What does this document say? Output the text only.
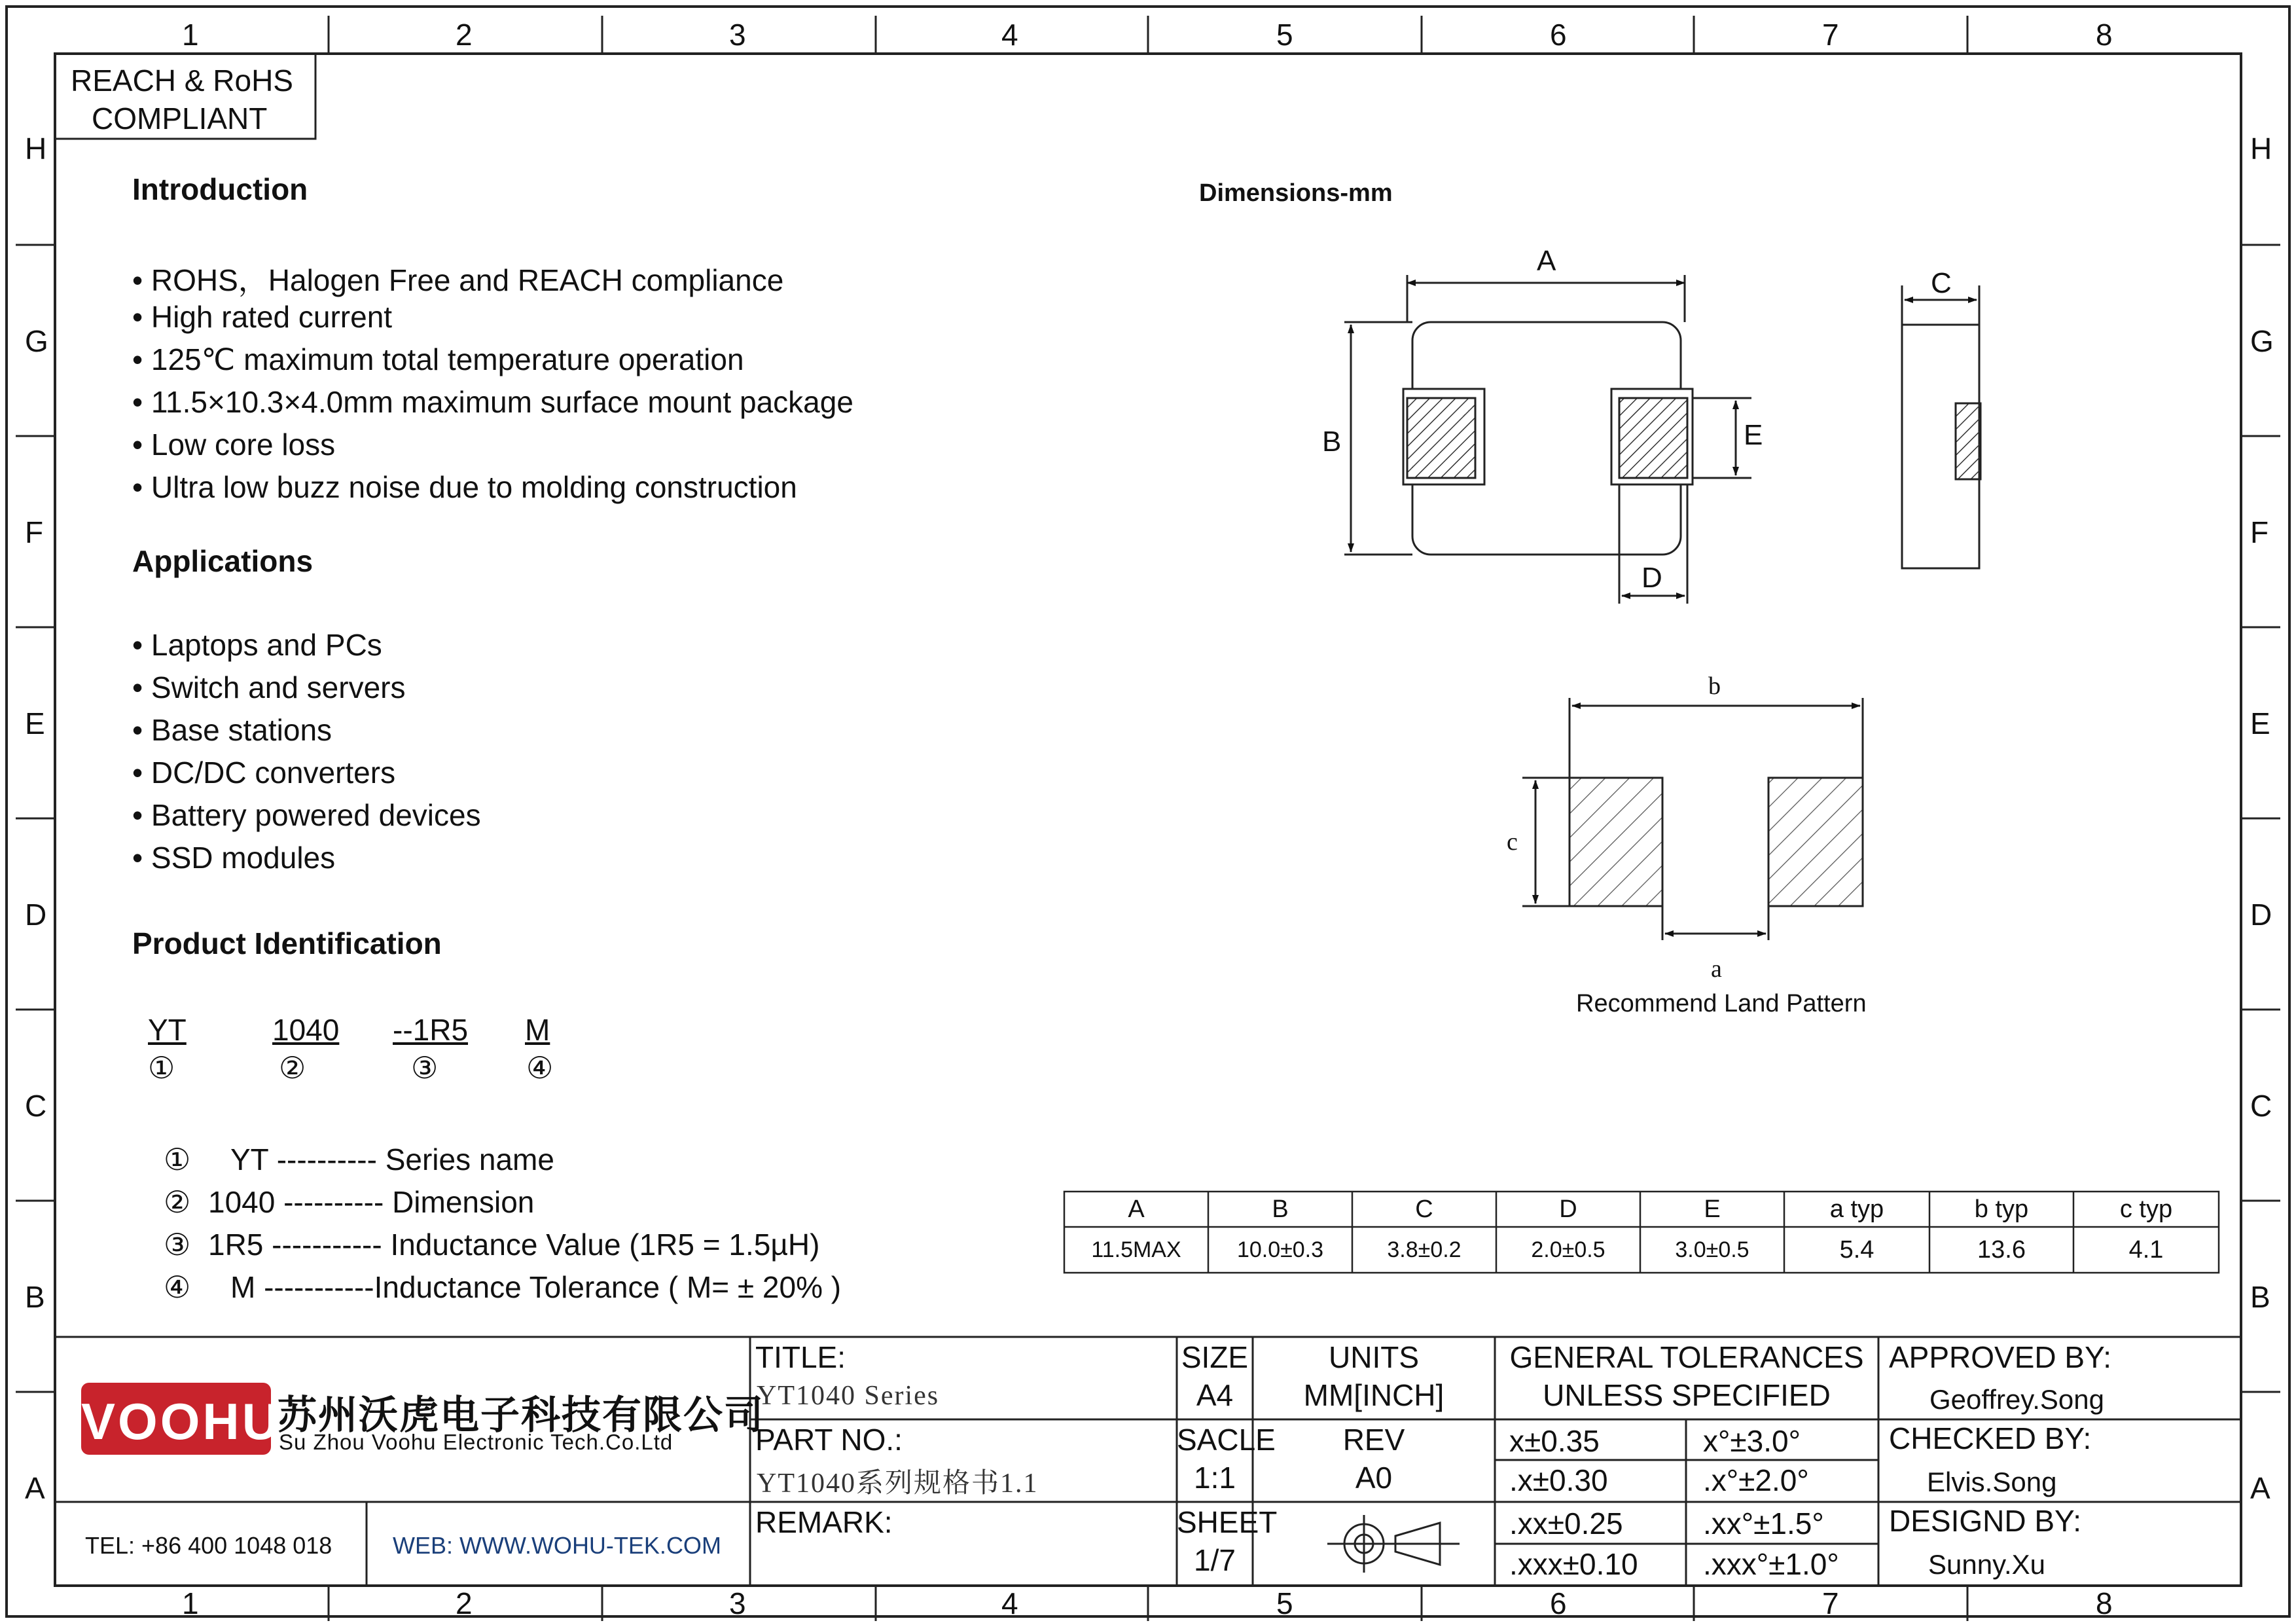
1	2	3	4	5	6	7	8
1	2	3	4	5	6	7	8
H
G
F
E
D
C
B
A
H
G
F
E
D
C
B
A
REACH & RoHS
COMPLIANT
Introduction
• ROHS，Halogen Free and REACH compliance
• High rated current
• 125℃ maximum total temperature operation
• 11.5×10.3×4.0mm maximum surface mount package
• Low core loss
• Ultra low buzz noise due to molding construction
Applications
• Laptops and PCs
• Switch and servers
• Base stations
• DC/DC converters
• Battery powered devices
• SSD modules
Product Identification
YT	1040 --1R5 M
①	②	③	④
① YT ---------- Series name
② 1040 ---------- Dimension
③ 1R5 ----------- Inductance Value (1R5 = 1.5µH)
④ M -----------Inductance Tolerance ( M= ± 20% )
Dimensions-mm
A
B	E
D
C
b
c
a
Recommend Land Pattern
A	B	C	D	E	a typ	b typ	c typ
11.5MAX	10.0±0.3	3.8±0.2	2.0±0.5	3.0±0.5	5.4	13.6	4.1
VOOHU
苏州沃虎电子科技有限公司
Su Zhou Voohu Electronic Tech.Co.Ltd
TEL: +86 400 1048 018	WEB: WWW.WOHU-TEK.COM
TITLE:
YT1040 Series
PART NO.:
YT1040系列规格书1.1
REMARK:
SIZE
A4
UNITS
MM[INCH]
SACLE
1:1
REV
A0
SHEET
1/7
GENERAL TOLERANCES
UNLESS SPECIFIED
x±0.35	x°±3.0°
.x±0.30	.x°±2.0°
.xx±0.25	.xx°±1.5°
.xxx±0.10 .xxx°±1.0°
APPROVED BY:
Geoffrey.Song
CHECKED BY:
Elvis.Song
DESIGND BY:
Sunny.Xu
